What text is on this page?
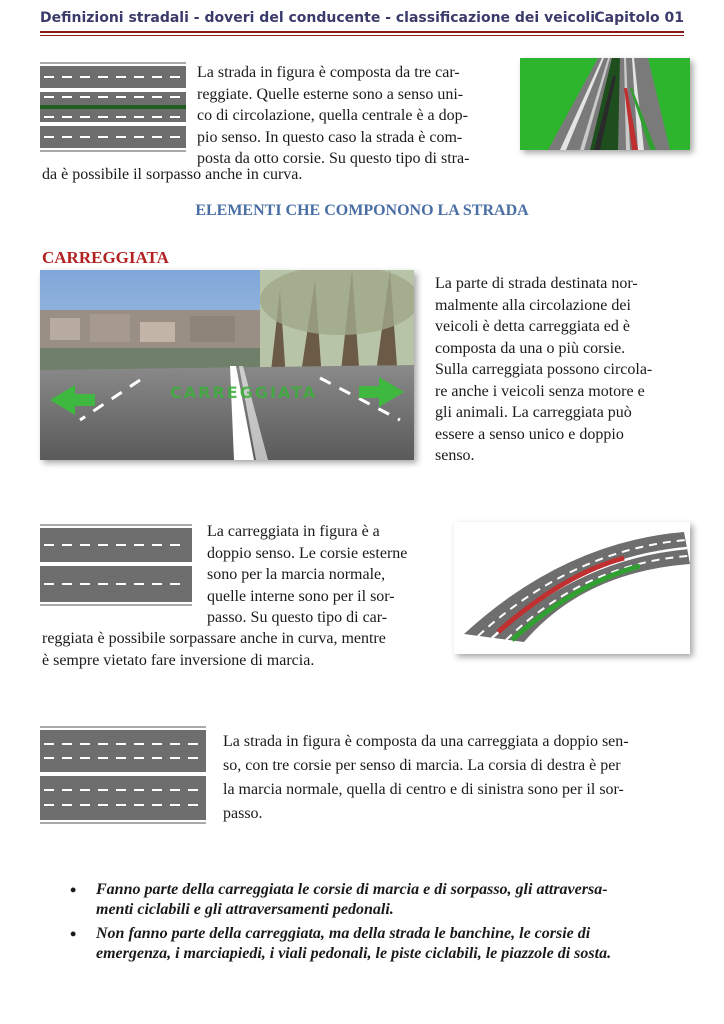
Definizioni stradali - doveri del conducente - classificazione dei veicoli Capitolo 01

La strada in figura è composta da tre car-

reggiate. Quelle esterne sono a senso uni-

co di circolazione, quella centrale è a dop-

pio senso. In questo caso la strada è com-

posta da otto corsie. Su questo tipo di stra-

da è possibile il sorpasso anche in curva.

ELEMENTI CHE COMPONONO LA STRADA
CARREGGIATA
CARREGGIATA

La parte di strada destinata nor-

malmente alla circolazione dei

veicoli è detta carreggiata ed è

composta da una o più corsie.

Sulla carreggiata possono circola-

re anche i veicoli senza motore e

gli animali. La carreggiata può

essere a senso unico e doppio

senso.

La carreggiata in figura è a

doppio senso. Le corsie esterne

sono per la marcia normale,

quelle interne sono per il sor-

passo. Su questo tipo di car-

reggiata è possibile sorpassare anche in curva, mentre

è sempre vietato fare inversione di marcia.

La strada in figura è composta da una carreggiata a doppio sen-

so, con tre corsie per senso di marcia. La corsia di destra è per

la marcia normale, quella di centro e di sinistra sono per il sor-

passo.

• Fanno parte della carreggiata le corsie di marcia e di sorpasso, gli attraversa-
menti ciclabili e gli attraversamenti pedonali.
• Non fanno parte della carreggiata, ma della strada le banchine, le corsie di
emergenza, i marciapiedi, i viali pedonali, le piste ciclabili, le piazzole di sosta.
